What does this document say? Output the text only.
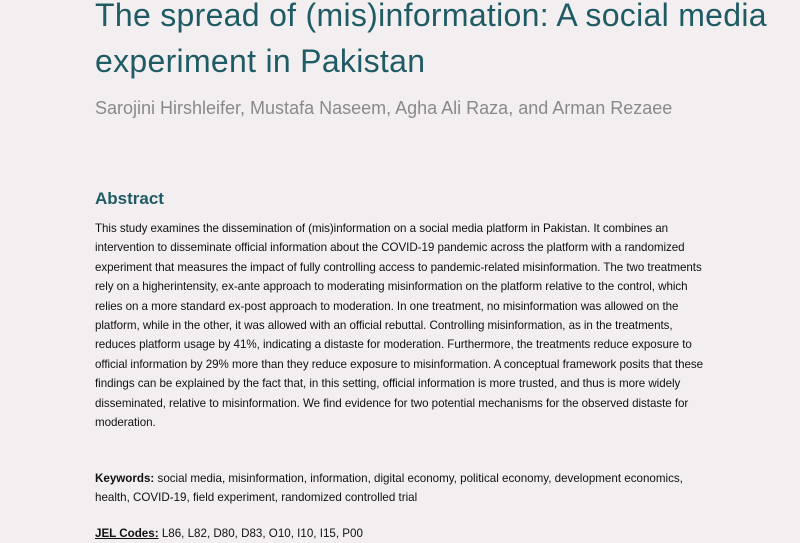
The spread of (mis)information: A social media experiment in Pakistan

Sarojini Hirshleifer, Mustafa Naseem, Agha Ali Raza, and Arman Rezaee

Abstract

This study examines the dissemination of (mis)information on a social media platform in Pakistan. It combines an intervention to disseminate official information about the COVID-19 pandemic across the platform with a randomized experiment that measures the impact of fully controlling access to pandemic-related misinformation. The two treatments rely on a higherintensity, ex-ante approach to moderating misinformation on the platform relative to the control, which relies on a more standard ex-post approach to moderation. In one treatment, no misinformation was allowed on the platform, while in the other, it was allowed with an official rebuttal. Controlling misinformation, as in the treatments, reduces platform usage by 41%, indicating a distaste for moderation. Furthermore, the treatments reduce exposure to official information by 29% more than they reduce exposure to misinformation. A conceptual framework posits that these findings can be explained by the fact that, in this setting, official information is more trusted, and thus is more widely disseminated, relative to misinformation. We find evidence for two potential mechanisms for the observed distaste for moderation.

Keywords: social media, misinformation, information, digital economy, political economy, development economics, health, COVID-19, field experiment, randomized controlled trial

JEL Codes: L86, L82, D80, D83, O10, I10, I15, P00
